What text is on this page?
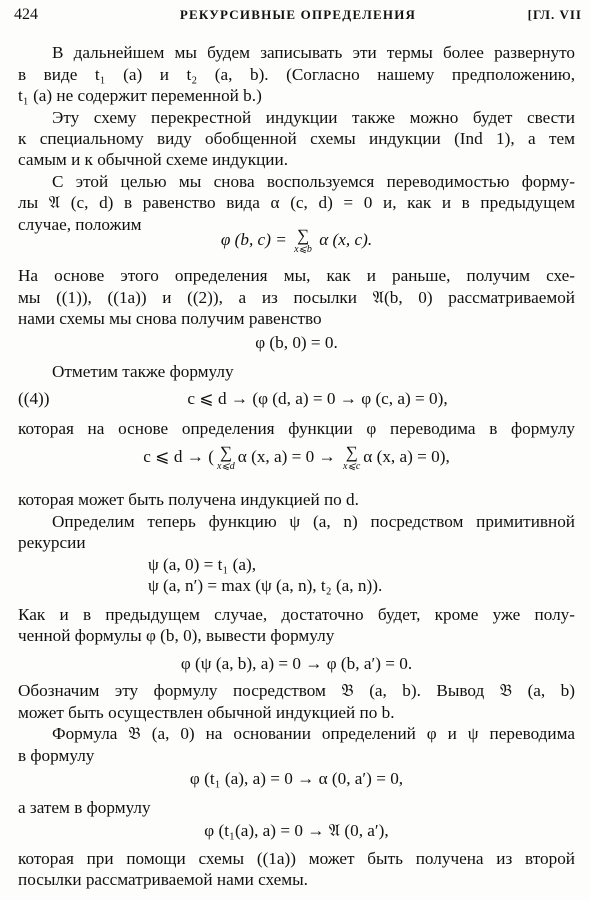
424	РЕКУРСИВНЫЕ ОПРЕДЕЛЕНИЯ	[ГЛ. VII
В дальнейшем мы будем записывать эти термы более развернуто
в виде t₁ (a) и t₂ (a, b). (Согласно нашему предположению,
t₁ (a) не содержит переменной b.)
Эту схему перекрестной индукции также можно будет свести
к специальному виду обобщенной схемы индукции (Ind 1), а тем
самым и к обычной схеме индукции.
С этой целью мы снова воспользуемся переводимостью форму-
лы 𝔄 (c, d) в равенство вида α (c, d) = 0 и, как и в предыдущем
случае, положим
φ (b, c) = ∑
x⩽b
α (x, c).
На основе этого определения мы, как и раньше, получим схе-
мы ((1)), ((1a)) и ((2)), а из посылки 𝔄(b, 0) рассматриваемой
нами схемы мы снова получим равенство
φ (b, 0) = 0.
Отметим также формулу
((4))	c ⩽ d → (φ (d, a) = 0 → φ (c, a) = 0),
которая на основе определения функции φ переводима в формулу
c ⩽ d → ( ∑
x⩽d
α (x, a) = 0 → ∑
x⩽c
α (x, a) = 0),
которая может быть получена индукцией по d.
Определим теперь функцию ψ (a, n) посредством примитивной
рекурсии
ψ (a, 0) = t₁ (a),
ψ (a, n′) = max (ψ (a, n), t₂ (a, n)).
Как и в предыдущем случае, достаточно будет, кроме уже полу-
ченной формулы φ (b, 0), вывести формулу
φ (ψ (a, b), a) = 0 → φ (b, a′) = 0.
Обозначим эту формулу посредством 𝔅 (a, b). Вывод 𝔅 (a, b)
может быть осуществлен обычной индукцией по b.
Формула 𝔅 (a, 0) на основании определений φ и ψ переводима
в формулу
φ (t₁ (a), a) = 0 → α (0, a′) = 0,
а затем в формулу
φ (t₁(a), a) = 0 → 𝔄 (0, a′),
которая при помощи схемы ((1a)) может быть получена из второй
посылки рассматриваемой нами схемы.
